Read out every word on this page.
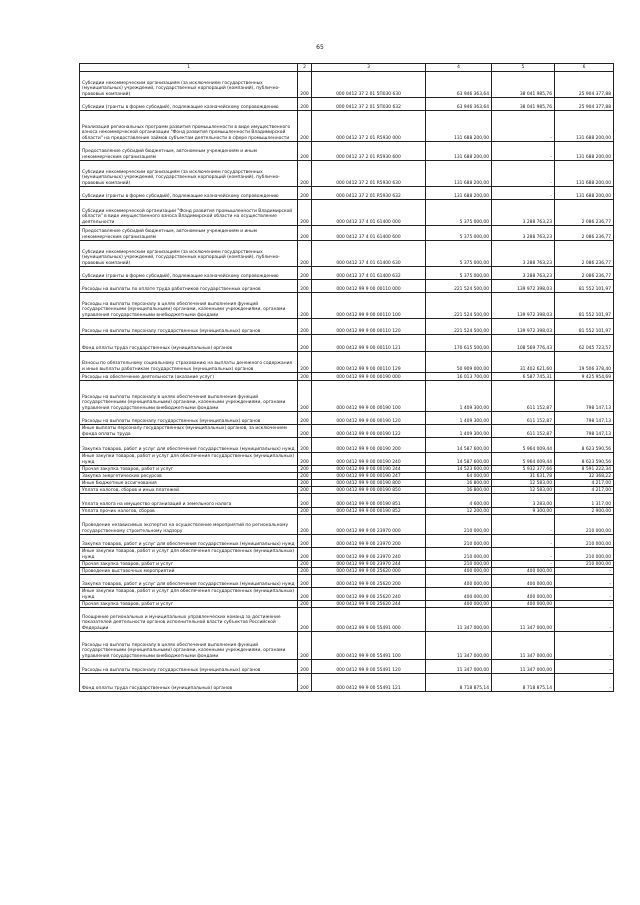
65
1	2	3	4	5	6
Субсидии некоммерческим организациям (за исключением государственных (муниципальных) учреждений, государственных корпораций (компаний), публично-правовых компаний)	200	000 0412 37 2 01 5П030 630	63 946 363,64	38 041 985,76	25 904 377,88
Субсидии (гранты в форме субсидий), подлежащие казначейскому сопровождению	200	000 0412 37 2 01 5П030 632	63 946 363,64	38 041 985,76	25 904 377,88
Реализация региональных программ развития промышленности в виде имущественного взноса некоммерческой организации "Фонд развития промышленности Владимирской области" на предоставление займов субъектам деятельности в сфере промышленности	200	000 0412 37 2 01 R5930 000	131 688 200,00	-	131 688 200,00
Предоставление субсидий бюджетным, автономным учреждениям и иным некоммерческим организациям	200	000 0412 37 2 01 R5930 600	131 688 200,00	-	131 688 200,00
Субсидии некоммерческим организациям (за исключением государственных (муниципальных) учреждений, государственных корпораций (компаний), публично-правовых компаний)	200	000 0412 37 2 01 R5930 630	131 688 200,00	-	131 688 200,00
Субсидии (гранты в форме субсидий), подлежащие казначейскому сопровождению	200	000 0412 37 2 01 R5930 632	131 688 200,00	-	131 688 200,00
Субсидии некоммерческой организации "Фонд развития промышленности Владимирской области" в виде имущественного взноса Владимирской области на осуществление деятельности	200	000 0412 37 4 01 61400 000	5 375 000,00	3 288 763,23	2 086 236,77
Предоставление субсидий бюджетным, автономным учреждениям и иным некоммерческим организациям	200	000 0412 37 4 01 61400 600	5 375 000,00	3 288 763,23	2 086 236,77
Субсидии некоммерческим организациям (за исключением государственных (муниципальных) учреждений, государственных корпораций (компаний), публично-правовых компаний)	200	000 0412 37 4 01 61400 630	5 375 000,00	3 288 763,23	2 086 236,77
Субсидии (гранты в форме субсидий), подлежащие казначейскому сопровождению	200	000 0412 37 4 01 61400 632	5 375 000,00	3 288 763,23	2 086 236,77
Расходы на выплаты по оплате труда работников государственных органов	200	000 0412 99 9 00 00110 000	221 524 500,00	139 972 398,03	81 552 101,97
Расходы на выплаты персоналу в целях обеспечения выполнения функций государственными (муниципальными) органами, казенными учреждениями, органами управления государственными внебюджетными фондами	200	000 0412 99 9 00 00110 100	221 524 500,00	139 972 398,03	81 552 101,97
Расходы на выплаты персоналу государственных (муниципальных) органов	200	000 0412 99 9 00 00110 120	221 524 500,00	139 972 398,03	81 552 101,97
Фонд оплаты труда государственных (муниципальных) органов	200	000 0412 99 9 00 00110 121	170 615 500,00	108 569 776,43	62 045 723,57
Взносы по обязательному социальному страхованию на выплаты денежного содержания и иные выплаты работникам государственных (муниципальных) органов	200	000 0412 99 9 00 00110 129	50 909 000,00	31 402 621,60	19 506 378,40
Расходы на обеспечение деятельности (оказание услуг)	200	000 0412 99 9 00 00190 000	16 013 700,00	6 587 745,31	9 425 954,69
Расходы на выплаты персоналу в целях обеспечения выполнения функций государственными (муниципальными) органами, казенными учреждениями, органами управления государственными внебюджетными фондами	200	000 0412 99 9 00 00190 100	1 409 300,00	611 152,87	798 147,13
Расходы на выплаты персоналу государственных (муниципальных) органов	200	000 0412 99 9 00 00190 120	1 409 300,00	611 152,87	798 147,13
Иные выплаты персоналу государственных (муниципальных) органов, за исключением фонда оплаты труда	200	000 0412 99 9 00 00190 122	1 409 300,00	611 152,87	798 147,13
Закупка товаров, работ и услуг для обеспечения государственных (муниципальных) нужд	200	000 0412 99 9 00 00190 200	14 587 600,00	5 964 009,44	8 623 590,56
Иные закупки товаров, работ и услуг для обеспечения государственных (муниципальных) нужд	200	000 0412 99 9 00 00190 240	14 587 600,00	5 964 009,44	8 623 590,56
Прочая закупка товаров, работ и услуг	200	000 0412 99 9 00 00190 244	14 523 600,00	5 932 377,66	8 591 222,34
Закупка энергетических ресурсов	200	000 0412 99 9 00 00190 247	64 000,00	31 631,78	32 368,22
Иные бюджетные ассигнования	200	000 0412 99 9 00 00190 800	16 800,00	12 583,00	4 217,00
Уплата налогов, сборов и иных платежей	200	000 0412 99 9 00 00190 850	16 800,00	12 583,00	4 217,00
Уплата налога на имущество организаций и земельного налога	200	000 0412 99 9 00 00190 851	4 600,00	3 283,00	1 317,00
Уплата прочих налогов, сборов	200	000 0412 99 9 00 00190 852	12 200,00	9 300,00	2 900,00
Проведение независимых экспертиз на осуществление мероприятий по региональному государственному строительному надзору	200	000 0412 99 9 00 23970 000	210 000,00	-	210 000,00
Закупка товаров, работ и услуг для обеспечения государственных (муниципальных) нужд	200	000 0412 99 9 00 23970 200	210 000,00	-	210 000,00
Иные закупки товаров, работ и услуг для обеспечения государственных (муниципальных) нужд	200	000 0412 99 9 00 23970 240	210 000,00	-	210 000,00
Прочая закупка товаров, работ и услуг	200	000 0412 99 9 00 23970 244	210 000,00	-	210 000,00
Проведение выставочных мероприятий	200	000 0412 99 9 00 25620 000	400 000,00	400 000,00	-
Закупка товаров, работ и услуг для обеспечения государственных (муниципальных) нужд	200	000 0412 99 9 00 25620 200	400 000,00	400 000,00	-
Иные закупки товаров, работ и услуг для обеспечения государственных (муниципальных) нужд	200	000 0412 99 9 00 25620 240	400 000,00	400 000,00	-
Прочая закупка товаров, работ и услуг	200	000 0412 99 9 00 25620 244	400 000,00	400 000,00	-
Поощрение региональных и муниципальных управленческих команд за достижение показателей деятельности органов исполнительной власти субъектов Российской Федерации	200	000 0412 99 9 00 55491 000	11 347 000,00	11 347 000,00	-
Расходы на выплаты персоналу в целях обеспечения выполнения функций государственными (муниципальными) органами, казенными учреждениями, органами управления государственными внебюджетными фондами	200	000 0412 99 9 00 55491 100	11 347 000,00	11 347 000,00	-
Расходы на выплаты персоналу государственных (муниципальных) органов	200	000 0412 99 9 00 55491 120	11 347 000,00	11 347 000,00	-
Фонд оплаты труда государственных (муниципальных) органов	200	000 0412 99 9 00 55491 121	8 718 875,14	8 718 875,14	-
